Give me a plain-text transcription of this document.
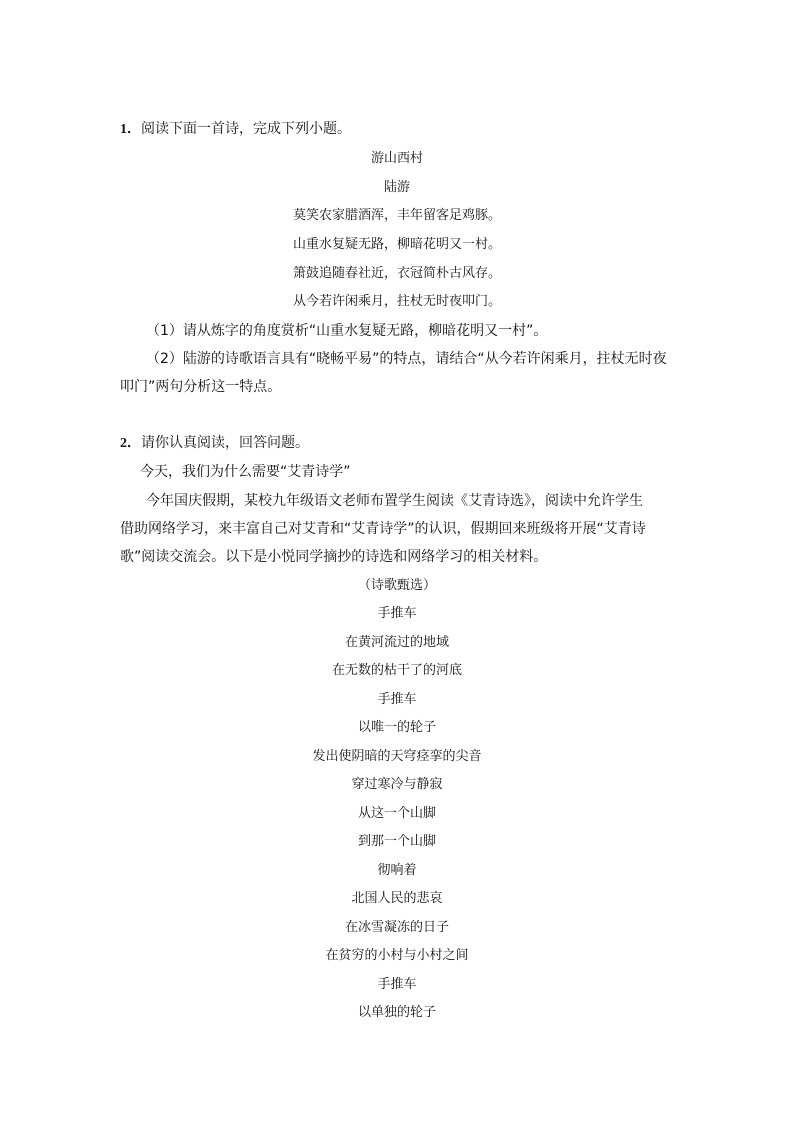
1．阅读下面一首诗，完成下列小题。
游山西村
陆游
莫笑农家腊酒浑，丰年留客足鸡豚。
山重水复疑无路，柳暗花明又一村。
箫鼓追随春社近，衣冠简朴古风存。
从今若许闲乘月，拄杖无时夜叩门。
（1）请从炼字的角度赏析“山重水复疑无路，柳暗花明又一村”。
（2）陆游的诗歌语言具有“晓畅平易”的特点，请结合“从今若许闲乘月，拄杖无时夜
叩门”两句分析这一特点。
2．请你认真阅读，回答问题。
今天，我们为什么需要“艾青诗学”
今年国庆假期，某校九年级语文老师布置学生阅读《艾青诗选》，阅读中允许学生
借助网络学习，来丰富自己对艾青和“艾青诗学”的认识，假期回来班级将开展“艾青诗
歌”阅读交流会。以下是小悦同学摘抄的诗选和网络学习的相关材料。
（诗歌甄选）
手推车
在黄河流过的地域
在无数的枯干了的河底
手推车
以唯一的轮子
发出使阴暗的天穹痉挛的尖音
穿过寒冷与静寂
从这一个山脚
到那一个山脚
彻响着
北国人民的悲哀
在冰雪凝冻的日子
在贫穷的小村与小村之间
手推车
以单独的轮子
